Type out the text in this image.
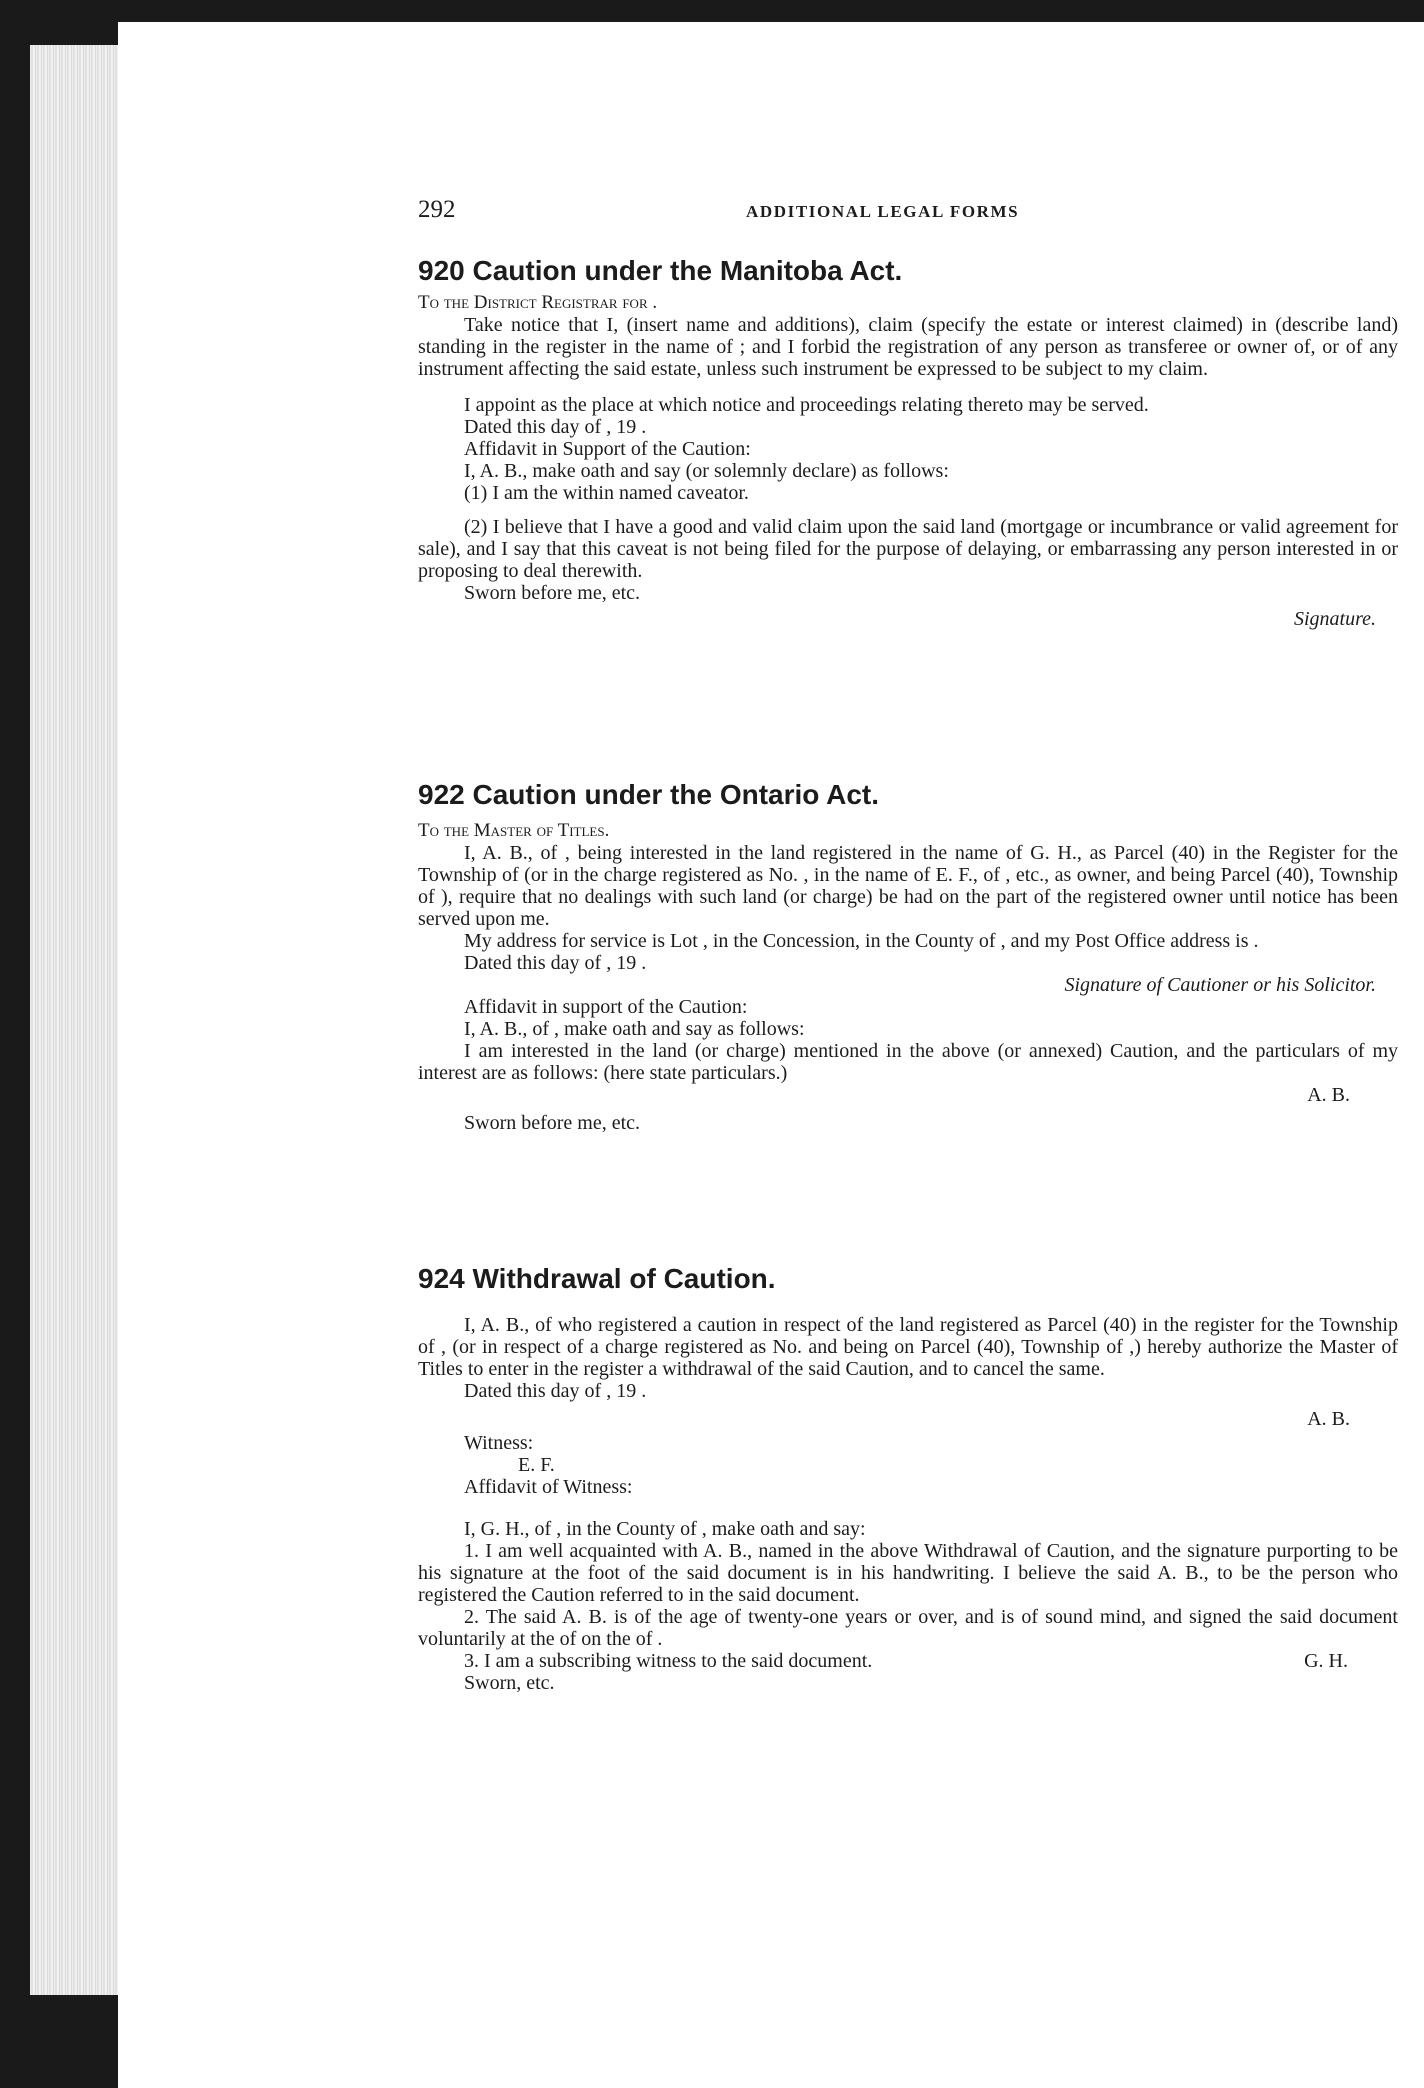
292	ADDITIONAL LEGAL FORMS
920 Caution under the Manitoba Act.

To the District Registrar for .

Take notice that I, (insert name and additions), claim (specify the estate or interest claimed) in (describe land) standing in the register in the name of ; and I forbid the registration of any person as transferee or owner of, or of any instrument affecting the said estate, unless such instrument be expressed to be subject to my claim.

I appoint as the place at which notice and proceedings relating thereto may be served.

Dated this day of , 19 .

Affidavit in Support of the Caution:

I, A. B., make oath and say (or solemnly declare) as follows:

(1) I am the within named caveator.

(2) I believe that I have a good and valid claim upon the said land (mortgage or incumbrance or valid agreement for sale), and I say that this caveat is not being filed for the purpose of delaying, or embarrassing any person interested in or proposing to deal therewith.

Sworn before me, etc.

Signature.

922 Caution under the Ontario Act.

To the Master of Titles.

I, A. B., of , being interested in the land registered in the name of G. H., as Parcel (40) in the Register for the Township of (or in the charge registered as No. , in the name of E. F., of , etc., as owner, and being Parcel (40), Township of ), require that no dealings with such land (or charge) be had on the part of the registered owner until notice has been served upon me.

My address for service is Lot , in the Concession, in the County of , and my Post Office address is .

Dated this day of , 19 .

Signature of Cautioner or his Solicitor.

Affidavit in support of the Caution:

I, A. B., of , make oath and say as follows:

I am interested in the land (or charge) mentioned in the above (or annexed) Caution, and the particulars of my interest are as follows: (here state particulars.)

A. B.

Sworn before me, etc.

924 Withdrawal of Caution.

I, A. B., of who registered a caution in respect of the land registered as Parcel (40) in the register for the Township of , (or in respect of a charge registered as No. and being on Parcel (40), Township of ,) hereby authorize the Master of Titles to enter in the register a withdrawal of the said Caution, and to cancel the same.

Dated this day of , 19 .

A. B.

Witness:

E. F.

Affidavit of Witness:

I, G. H., of , in the County of , make oath and say:

1. I am well acquainted with A. B., named in the above Withdrawal of Caution, and the signature purporting to be his signature at the foot of the said document is in his handwriting. I believe the said A. B., to be the person who registered the Caution referred to in the said document.

2. The said A. B. is of the age of twenty-one years or over, and is of sound mind, and signed the said document voluntarily at the of on the of .

3. I am a subscribing witness to the said document.	G. H.

Sworn, etc.
